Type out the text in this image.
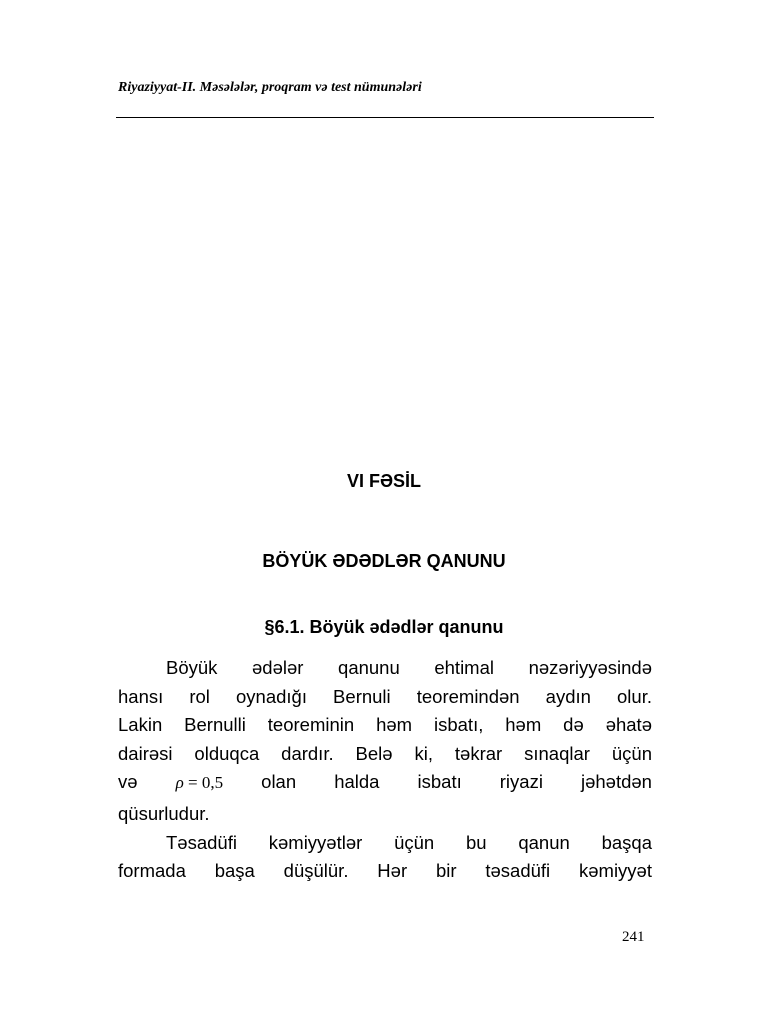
Riyaziyyat-II. Məsələlər, proqram və test nümunələri
VI FƏSİL
BÖYÜK ƏDƏDLƏR QANUNU
§6.1. Böyük ədədlər qanunu
Böyük ədələr qanunu ehtimal nəzəriyyəsində
hansı rol oynadığı Bernuli teoremindən aydın olur.
Lakin Bernulli teoreminin həm isbatı, həm də əhatə
dairəsi olduqca dardır. Belə ki, təkrar sınaqlar üçün
və ρ = 0,5 olan halda isbatı riyazi jəhətdən
qüsurludur.
Təsadüfi kəmiyyətlər üçün bu qanun başqa
formada başa düşülür. Hər bir təsadüfi kəmiyyət
241
